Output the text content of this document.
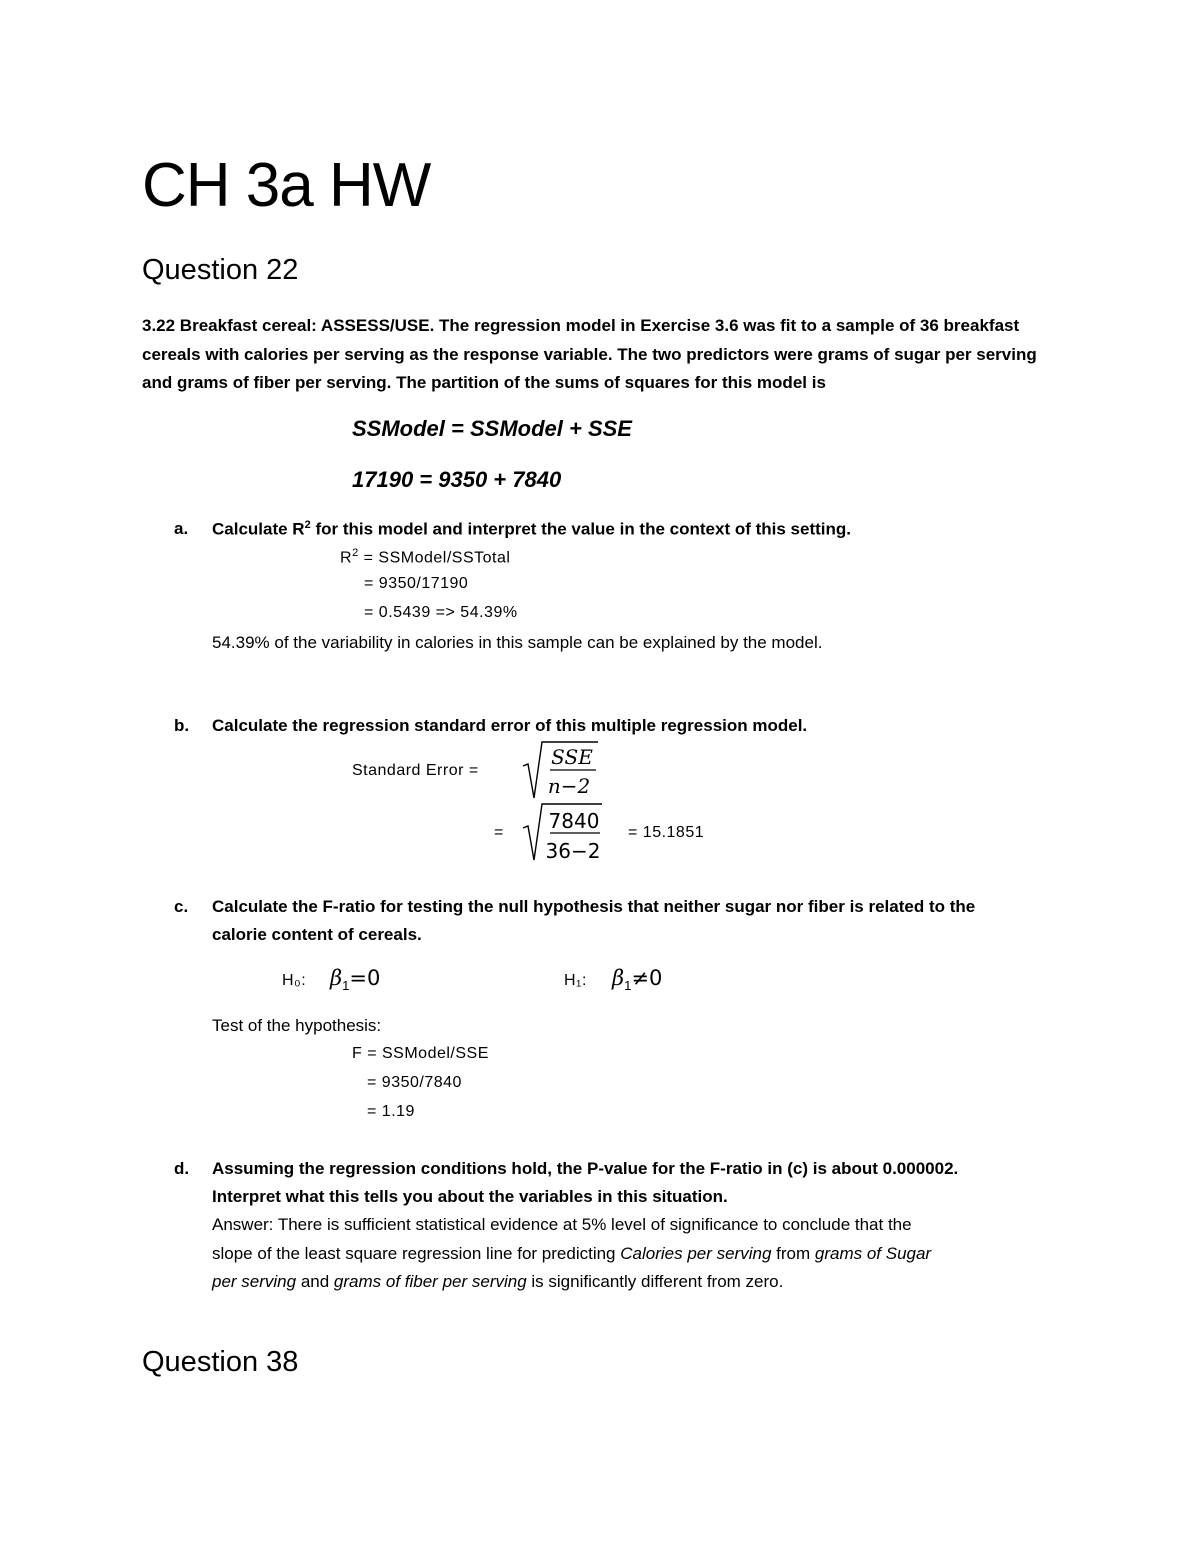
CH 3a HW
Question 22
3.22 Breakfast cereal: ASSESS/USE. The regression model in Exercise 3.6 was fit to a sample of 36 breakfast cereals with calories per serving as the response variable. The two predictors were grams of sugar per serving and grams of fiber per serving. The partition of the sums of squares for this model is
SSModel = SSModel + SSE
17190 = 9350 + 7840
a. Calculate $R^2$ for this model and interpret the value in the context of this setting.
$R^2$ = SSModel/SSTotal
= 9350/17190
= 0.5439 => 54.39%
54.39% of the variability in calories in this sample can be explained by the model.
b. Calculate the regression standard error of this multiple regression model.
Standard Error =
SSE
n−2
= 7840
36−2
= 15.1851
c. Calculate the F-ratio for testing the null hypothesis that neither sugar nor fiber is related to the
calorie content of cereals.
H₀: $\beta_1=0$	H₁: $\beta_1\ne 0$
Test of the hypothesis:
F = SSModel/SSE
= 9350/7840
= 1.19
d. Assuming the regression conditions hold, the P-value for the F-ratio in (c) is about 0.000002.
Interpret what this tells you about the variables in this situation.
Answer: There is sufficient statistical evidence at 5% level of significance to conclude that the
slope of the least square regression line for predicting Calories per serving from grams of Sugar
per serving and grams of fiber per serving is significantly different from zero.
Question 38
